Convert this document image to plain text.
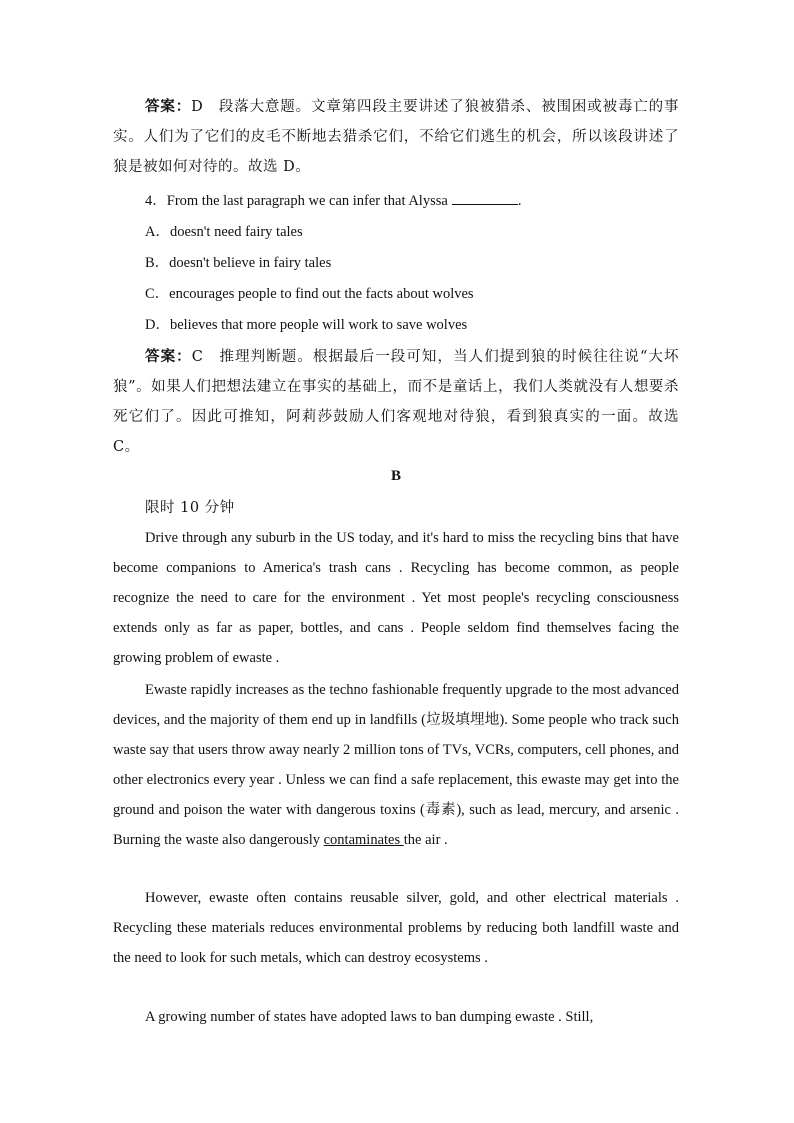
答案：D　段落大意题。文章第四段主要讲述了狼被猎杀、被围困或被毒亡的事实。人们为了它们的皮毛不断地去猎杀它们，不给它们逃生的机会，所以该段讲述了狼是被如何对待的。故选 D。
4．From the last paragraph we can infer that Alyssa	.
A．doesn't need fairy tales
B．doesn't believe in fairy tales
C．encourages people to find out the facts about wolves
D．believes that more people will work to save wolves
答案：C　推理判断题。根据最后一段可知，当人们提到狼的时候往往说“大坏狼”。如果人们把想法建立在事实的基础上，而不是童话上，我们人类就没有人想要杀死它们了。因此可推知，阿莉莎鼓励人们客观地对待狼，看到狼真实的一面。故选 C。
B
限时 10 分钟
Drive through any suburb in the US today, and it's hard to miss the recycling bins that have become companions to America's trash cans . Recycling has become common, as people recognize the need to care for the environment . Yet most people's recycling consciousness extends only as far as paper, bottles, and cans . People seldom find themselves facing the growing problem of ewaste .
Ewaste rapidly increases as the techno fashionable frequently upgrade to the most advanced devices, and the majority of them end up in landfills (垃圾填埋地). Some people who track such waste say that users throw away nearly 2 million tons of TVs, VCRs, computers, cell phones, and other electronics every year . Unless we can find a safe replacement, this ewaste may get into the ground and poison the water with dangerous toxins (毒素), such as lead, mercury, and arsenic . Burning the waste also dangerously contaminates the air .
However, ewaste often contains reusable silver, gold, and other electrical materials . Recycling these materials reduces environmental problems by reducing both landfill waste and the need to look for such metals, which can destroy ecosystems .
A growing number of states have adopted laws to ban dumping ewaste . Still,
